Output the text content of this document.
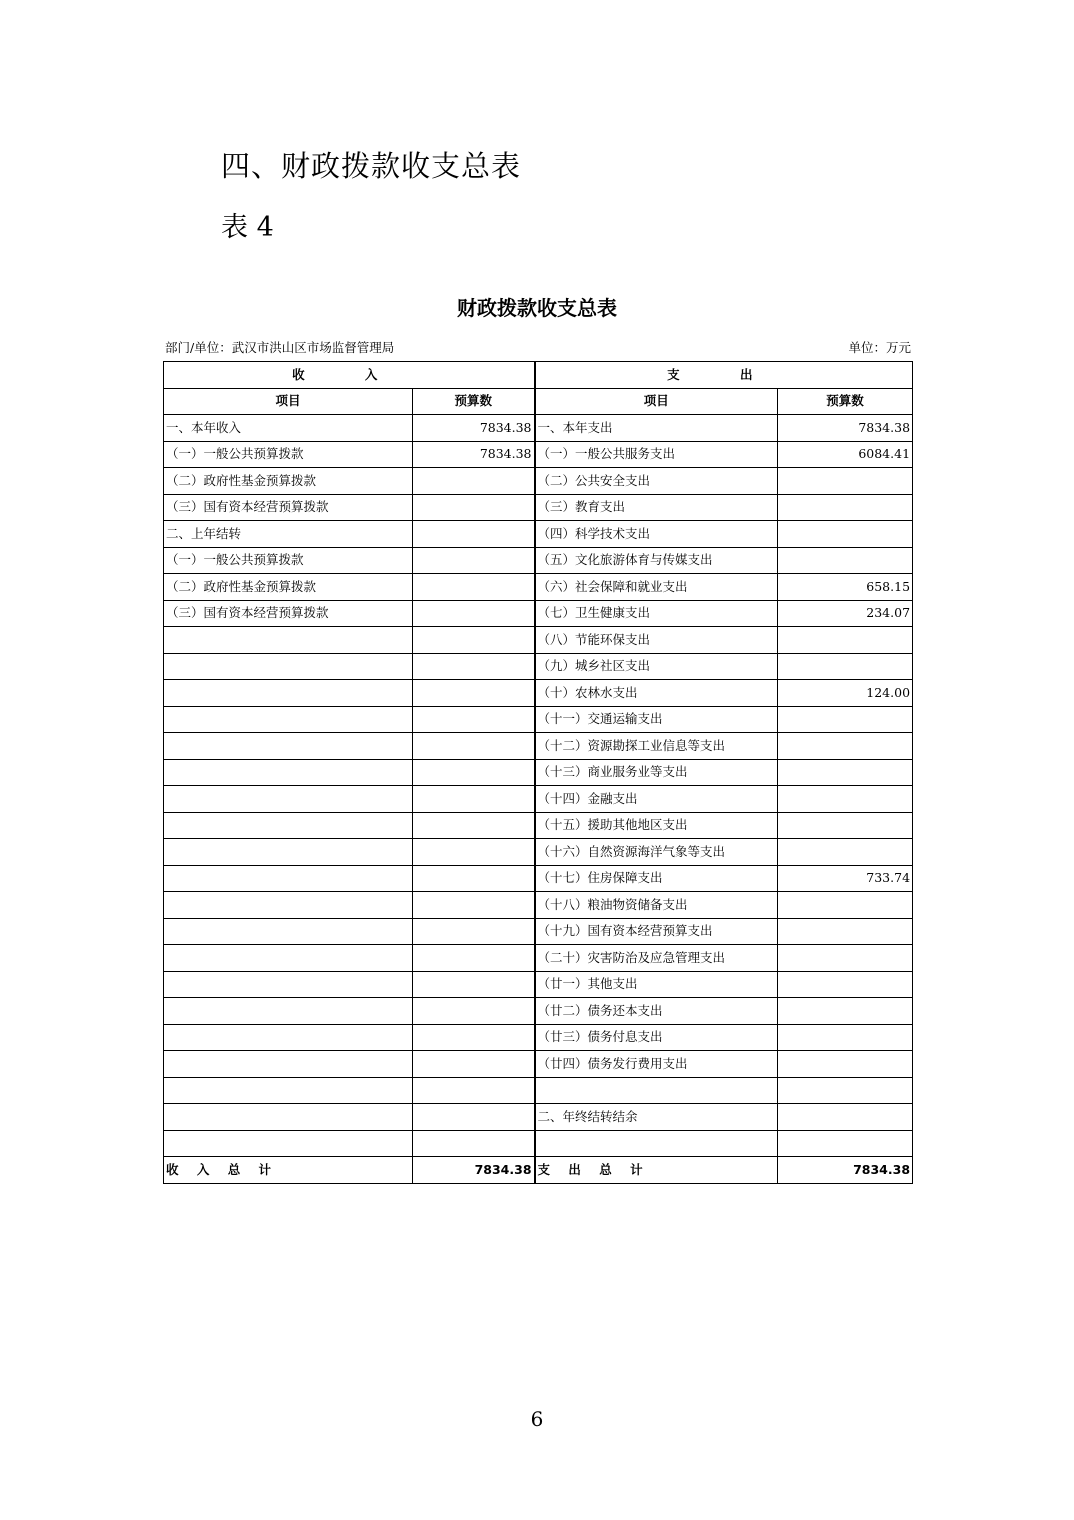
四、财政拨款收支总表
表 4
财政拨款收支总表
部门/单位：武汉市洪山区市场监督管理局	单位：万元
收 入		支 出	
项目	预算数	项目	预算数
一、本年收入	7834.38	一、本年支出	7834.38
（一）一般公共预算拨款	7834.38	（一）一般公共服务支出	6084.41
（二）政府性基金预算拨款		（二）公共安全支出	
（三）国有资本经营预算拨款		（三）教育支出	
二、上年结转		（四）科学技术支出	
（一）一般公共预算拨款		（五）文化旅游体育与传媒支出	
（二）政府性基金预算拨款		（六）社会保障和就业支出	658.15
（三）国有资本经营预算拨款		（七）卫生健康支出	234.07
		（八）节能环保支出	
		（九）城乡社区支出	
		（十）农林水支出	124.00
		（十一）交通运输支出	
		（十二）资源勘探工业信息等支出	
		（十三）商业服务业等支出	
		（十四）金融支出	
		（十五）援助其他地区支出	
		（十六）自然资源海洋气象等支出	
		（十七）住房保障支出	733.74
		（十八）粮油物资储备支出	
		（十九）国有资本经营预算支出	
		（二十）灾害防治及应急管理支出	
		（廿一）其他支出	
		（廿二）债务还本支出	
		（廿三）债务付息支出	
		（廿四）债务发行费用支出	

		二、年终结转结余	

收 入 总 计	7834.38	支 出 总 计	7834.38
6
